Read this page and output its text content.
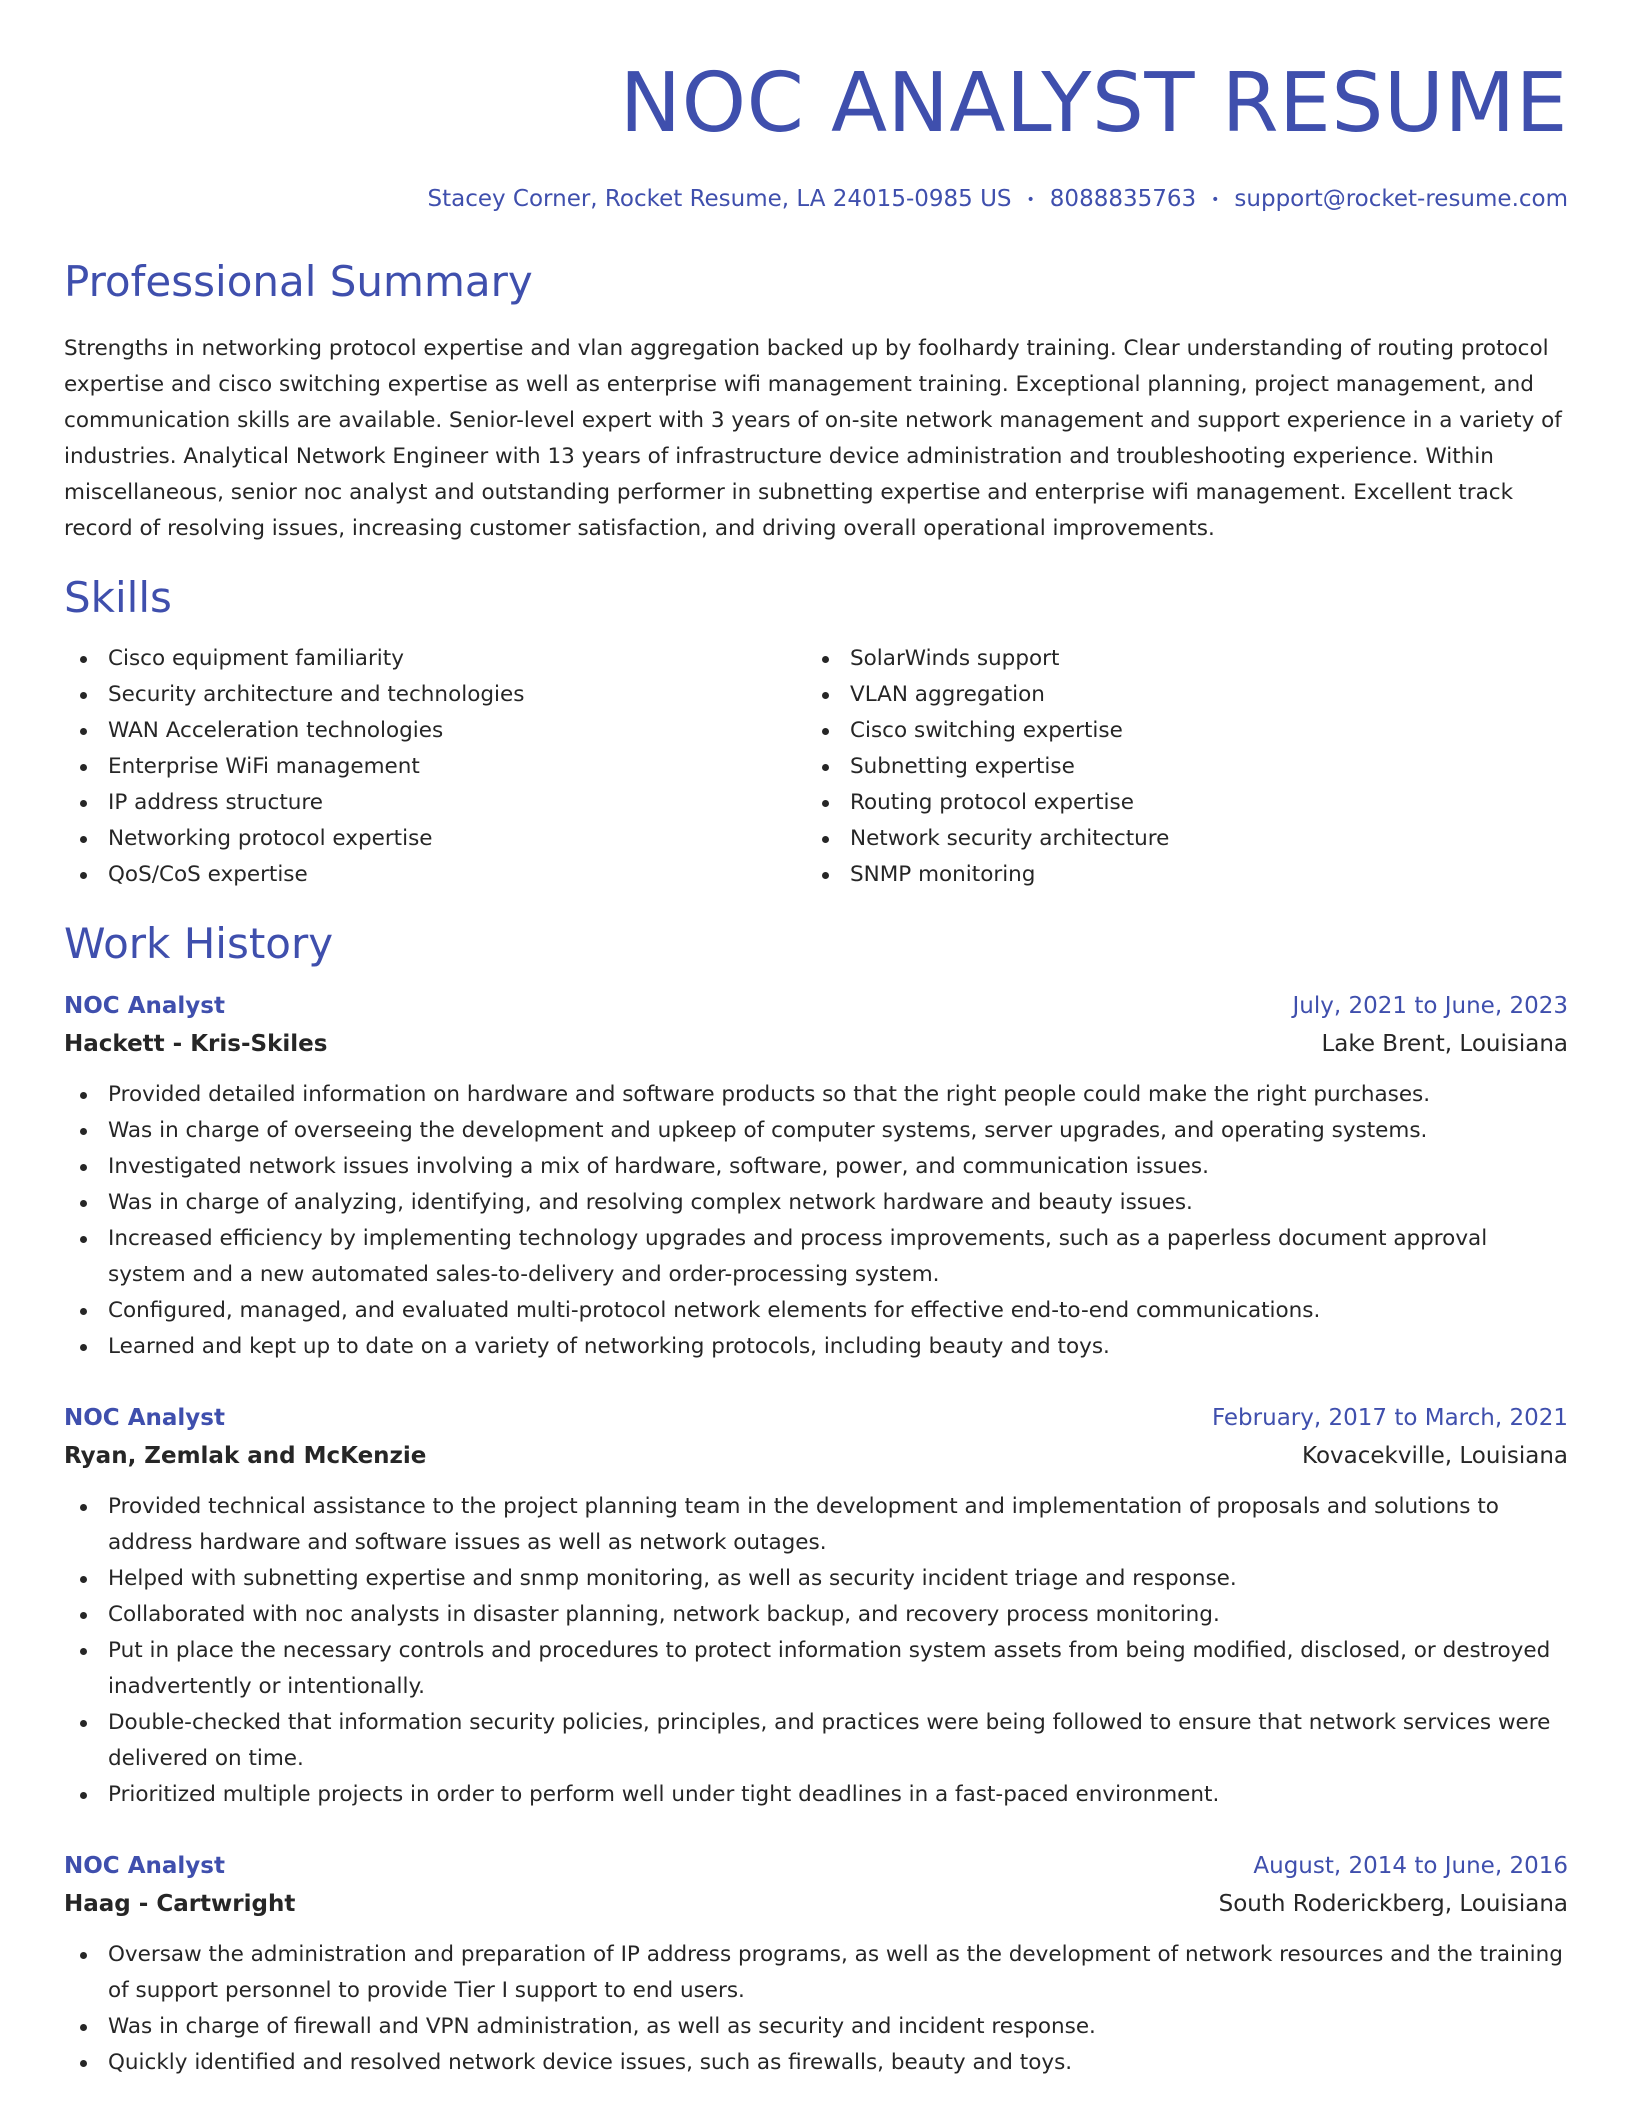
NOC ANALYST RESUME
Stacey Corner, Rocket Resume, LA 24015-0985 US • 8088835763 • support@rocket-resume.com
Professional Summary

Strengths in networking protocol expertise and vlan aggregation backed up by foolhardy training. Clear understanding of routing protocol expertise and cisco switching expertise as well as enterprise wifi management training. Exceptional planning, project management, and communication skills are available. Senior-level expert with 3 years of on-site network management and support experience in a variety of industries. Analytical Network Engineer with 13 years of infrastructure device administration and troubleshooting experience. Within miscellaneous, senior noc analyst and outstanding performer in subnetting expertise and enterprise wifi management. Excellent track record of resolving issues, increasing customer satisfaction, and driving overall operational improvements.

Skills
Cisco equipment familiarity
Security architecture and technologies
WAN Acceleration technologies
Enterprise WiFi management
IP address structure
Networking protocol expertise
QoS/CoS expertise
SolarWinds support
VLAN aggregation
Cisco switching expertise
Subnetting expertise
Routing protocol expertise
Network security architecture
SNMP monitoring
Work History
NOC Analyst	July, 2021 to June, 2023
Hackett - Kris-Skiles	Lake Brent, Louisiana
Provided detailed information on hardware and software products so that the right people could make the right purchases.
Was in charge of overseeing the development and upkeep of computer systems, server upgrades, and operating systems.
Investigated network issues involving a mix of hardware, software, power, and communication issues.
Was in charge of analyzing, identifying, and resolving complex network hardware and beauty issues.
Increased efficiency by implementing technology upgrades and process improvements, such as a paperless document approval system and a new automated sales-to-delivery and order-processing system.
Configured, managed, and evaluated multi-protocol network elements for effective end-to-end communications.
Learned and kept up to date on a variety of networking protocols, including beauty and toys.
NOC Analyst	February, 2017 to March, 2021
Ryan, Zemlak and McKenzie	Kovacekville, Louisiana
Provided technical assistance to the project planning team in the development and implementation of proposals and solutions to address hardware and software issues as well as network outages.
Helped with subnetting expertise and snmp monitoring, as well as security incident triage and response.
Collaborated with noc analysts in disaster planning, network backup, and recovery process monitoring.
Put in place the necessary controls and procedures to protect information system assets from being modified, disclosed, or destroyed inadvertently or intentionally.
Double-checked that information security policies, principles, and practices were being followed to ensure that network services were delivered on time.
Prioritized multiple projects in order to perform well under tight deadlines in a fast-paced environment.
NOC Analyst	August, 2014 to June, 2016
Haag - Cartwright	South Roderickberg, Louisiana
Oversaw the administration and preparation of IP address programs, as well as the development of network resources and the training of support personnel to provide Tier I support to end users.
Was in charge of firewall and VPN administration, as well as security and incident response.
Quickly identified and resolved network device issues, such as firewalls, beauty and toys.
